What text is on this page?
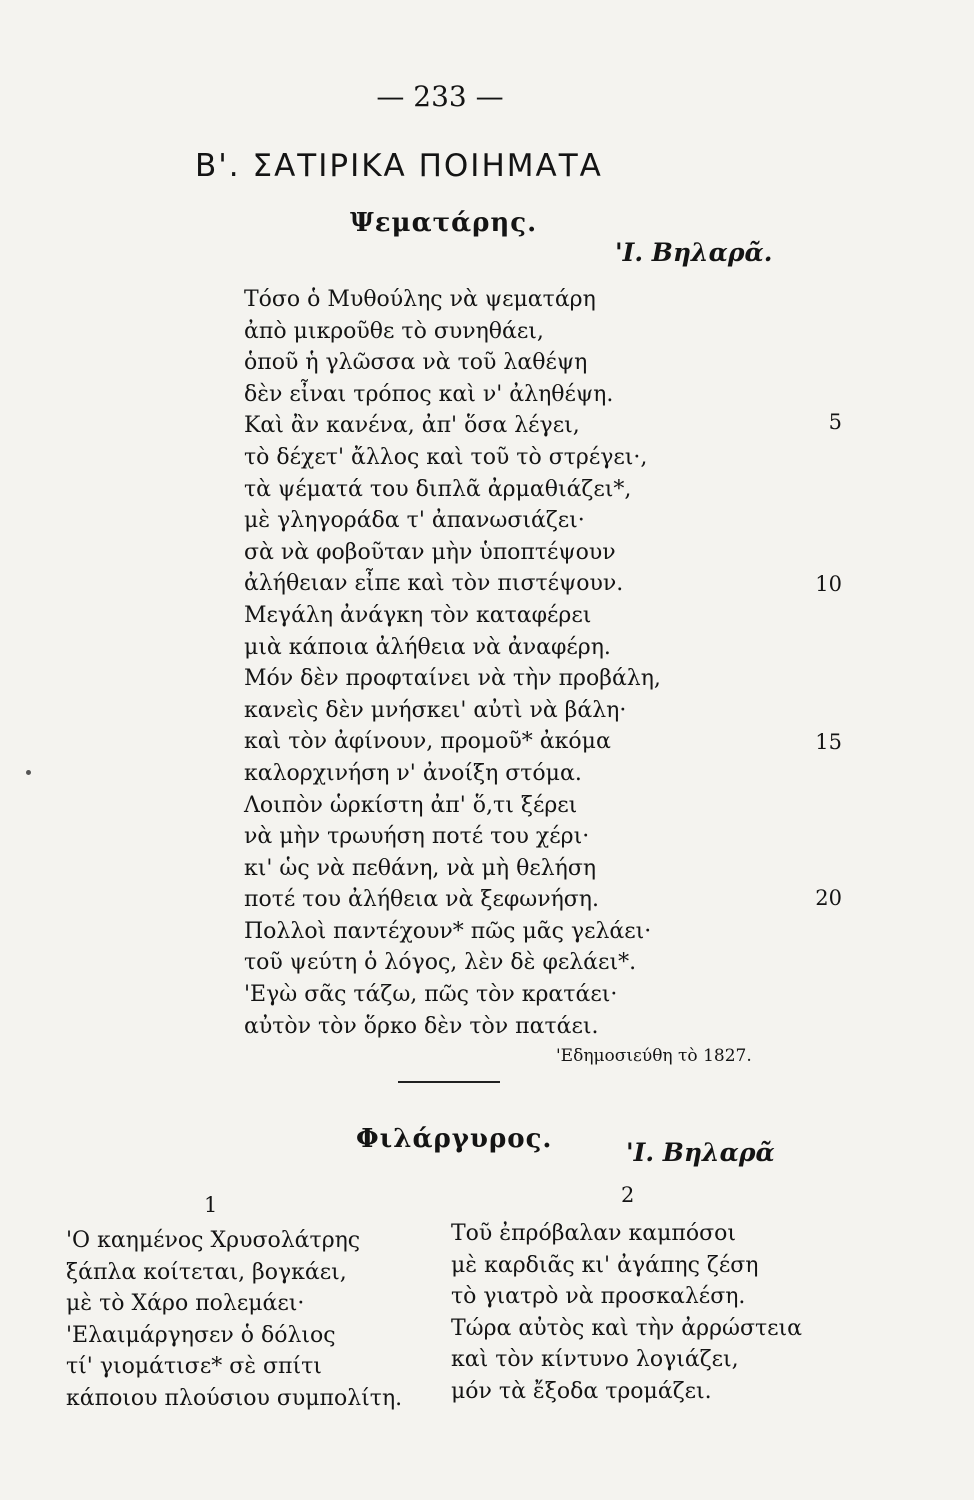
— 233 —
Β'. ΣΑΤΙΡΙΚΑ ΠΟΙΗΜΑΤΑ
Ψεματάρης.
'Ι. Βηλαρᾶ.
Τόσο ὁ Μυθούλης νὰ ψεματάρη
ἀπὸ μικροῦθε τὸ συνηθάει,
ὁποῦ ἡ γλῶσσα νὰ τοῦ λαθέψη
δὲν εἶναι τρόπος καὶ ν' ἀληθέψη.
Καὶ ἂν κανένα, ἀπ' ὅσα λέγει,
τὸ δέχετ' ἄλλος καὶ τοῦ τὸ στρέγει·,
τὰ ψέματά του διπλᾶ ἀρμαθιάζει*,
μὲ γληγοράδα τ' ἀπανωσιάζει·
σὰ νὰ φοβοῦταν μὴν ὑποπτέψουν
ἀλήθειαν εἶπε καὶ τὸν πιστέψουν.
Μεγάλη ἀνάγκη τὸν καταφέρει
μιὰ κάποια ἀλήθεια νὰ ἀναφέρη.
Μόν δὲν προφταίνει νὰ τὴν προβάλη,
κανεὶς δὲν μνήσκει' αὐτὶ νὰ βάλη·
καὶ τὸν ἀφίνουν, προμοῦ* ἀκόμα
καλορχινήση ν' ἀνοίξη στόμα.
Λοιπὸν ὡρκίστη ἀπ' ὅ,τι ξέρει
νὰ μὴν τρωυήση ποτέ του χέρι·
κι' ὡς νὰ πεθάνη, νὰ μὴ θελήση
ποτέ του ἀλήθεια νὰ ξεφωνήση.
Πολλοὶ παντέχουν* πῶς μᾶς γελάει·
τοῦ ψεύτη ὁ λόγος, λὲν δὲ φελάει*.
'Εγὼ σᾶς τάζω, πῶς τὸν κρατάει·
αὐτὸν τὸν ὅρκο δὲν τὸν πατάει.
5
10
15
20
'Εδημοσιεύθη τὸ 1827.
Φιλάργυρος.	'Ι. Βηλαρᾶ
1	2
'Ο καημένος Χρυσολάτρης
ξάπλα κοίτεται, βογκάει,
μὲ τὸ Χάρο πολεμάει·
'Ελαιμάργησεν ὁ δόλιος
τί' γιομάτισε* σὲ σπίτι
κάποιου πλούσιου συμπολίτη.
Τοῦ ἐπρόβαλαν καμπόσοι
μὲ καρδιᾶς κι' ἀγάπης ζέση
τὸ γιατρὸ νὰ προσκαλέση.
Τώρα αὐτὸς καὶ τὴν ἀρρώστεια
καὶ τὸν κίντυνο λογιάζει,
μόν τὰ ἔξοδα τρομάζει.
